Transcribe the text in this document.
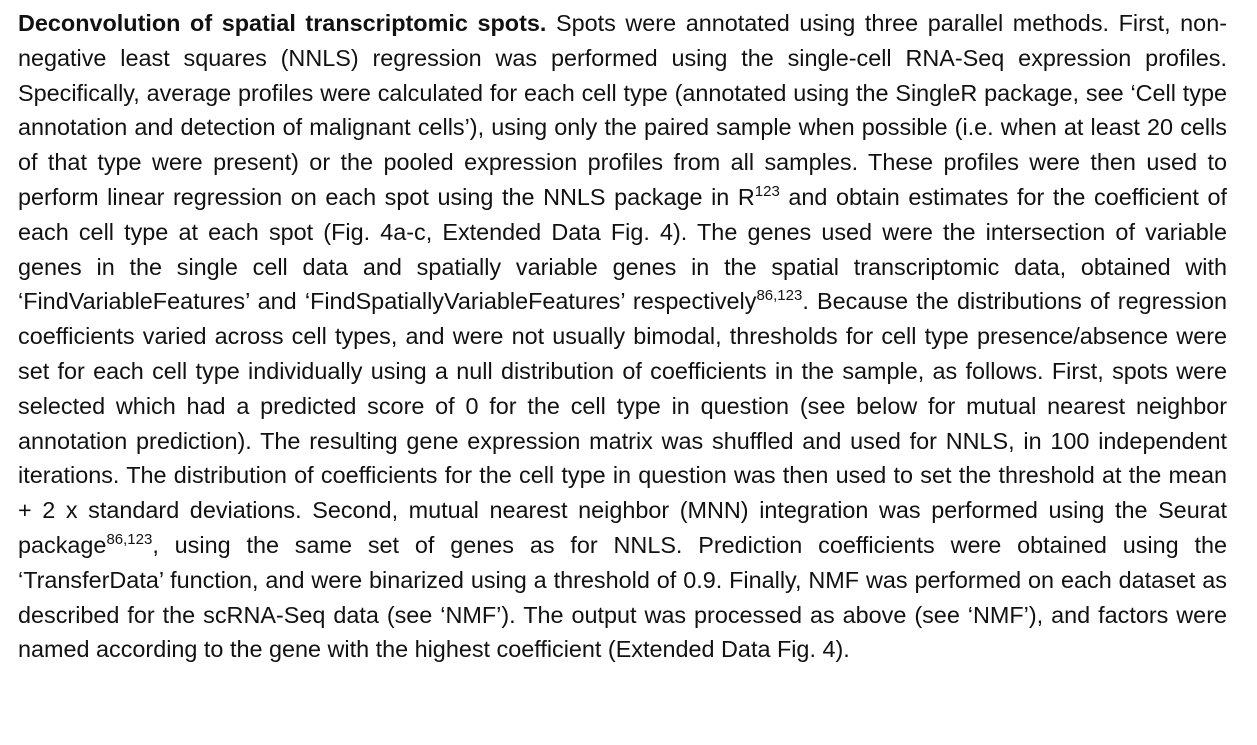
Deconvolution of spatial transcriptomic spots. Spots were annotated using three parallel methods. First, non-negative least squares (NNLS) regression was performed using the single-cell RNA-Seq expression profiles. Specifically, average profiles were calculated for each cell type (annotated using the SingleR package, see ‘Cell type annotation and detection of malignant cells’), using only the paired sample when possible (i.e. when at least 20 cells of that type were present) or the pooled expression profiles from all samples. These profiles were then used to perform linear regression on each spot using the NNLS package in $R^{123}$ and obtain estimates for the coefficient of each cell type at each spot (Fig. 4a-c, Extended Data Fig. 4). The genes used were the intersection of variable genes in the single cell data and spatially variable genes in the spatial transcriptomic data, obtained with ‘FindVariableFeatures’ and ‘FindSpatiallyVariableFeatures’ respectively$^{86,123}$. Because the distributions of regression coefficients varied across cell types, and were not usually bimodal, thresholds for cell type presence/absence were set for each cell type individually using a null distribution of coefficients in the sample, as follows. First, spots were selected which had a predicted score of 0 for the cell type in question (see below for mutual nearest neighbor annotation prediction). The resulting gene expression matrix was shuffled and used for NNLS, in 100 independent iterations. The distribution of coefficients for the cell type in question was then used to set the threshold at the mean + 2 x standard deviations. Second, mutual nearest neighbor (MNN) integration was performed using the Seurat package$^{86,123}$, using the same set of genes as for NNLS. Prediction coefficients were obtained using the ‘TransferData’ function, and were binarized using a threshold of 0.9. Finally, NMF was performed on each dataset as described for the scRNA-Seq data (see ‘NMF’). The output was processed as above (see ‘NMF’), and factors were named according to the gene with the highest coefficient (Extended Data Fig. 4).
